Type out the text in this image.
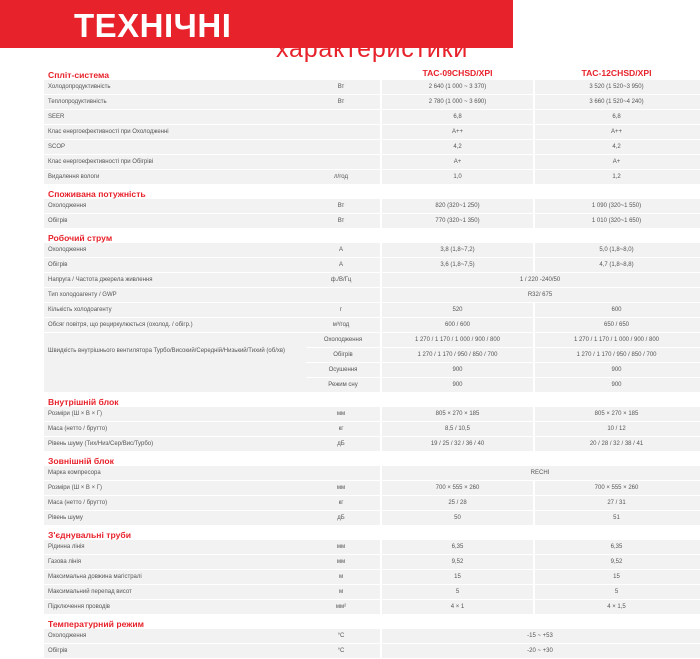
ТЕХНІЧНІ
характеристики
Спліт-система	TAC-09CHSD/XPI	TAC-12CHSD/XPI
Холодопродуктивність	Вт	2 640 (1 000 ~ 3 370)	3 520 (1 520~3 950)
Теплопродуктивність	Вт	2 780 (1 000 ~ 3 690)	3 660 (1 520~4 240)
SEER	6,8	6,8
Клас енергоефективності при Охолодженні	А++	А++
SCOP	4,2	4,2
Клас енергоефективності при Обігріві	А+	А+
Видалення вологи	л/год	1,0	1,2
Споживана потужність
Охолодження	Вт	820 (320~1 250)	1 090 (320~1 550)
Обігрів	Вт	770 (320~1 350)	1 010 (320~1 650)
Робочий струм
Охолодження	А	3,8 (1,8~7,2)	5,0 (1,8~8,0)
Обігрів	А	3,6 (1,8~7,5)	4,7 (1,8~8,8)
Напруга / Частота джерела живлення	ф./В/Гц	1 / 220 -240/50
Тип холодоагенту / GWP	R32/ 675
Кількість холодоагенту	г	520	600
Обсяг повітря, що рециркулюється (охолод. / обігр.)	м³/год	600 / 600	650 / 650
Швидкість внутрішнього вентилятора Турбо/Високий/Середній/Низький/Тихий (об/хв)
Охолодження	1 270 / 1 170 / 1 000 / 900 / 800	1 270 / 1 170 / 1 000 / 900 / 800
Обігрів	1 270 / 1 170 / 950 / 850 / 700	1 270 / 1 170 / 950 / 850 / 700
Осушення	900	900
Режим сну	900	900
Внутрішній блок
Розміри (Ш × В × Г)	мм	805 × 270 × 185	805 × 270 × 185
Маса (нетто / брутто)	кг	8,5 / 10,5	10 / 12
Рівень шуму (Тих/Низ/Сер/Вис/Турбо)	дБ	19 / 25 / 32 / 36 / 40	20 / 28 / 32 / 38 / 41
Зовнішній блок
Марка компресора	RECHI
Розміри (Ш × В × Г)	мм	700 × 555 × 260	700 × 555 × 260
Маса (нетто / брутто)	кг	25 / 28	27 / 31
Рівень шуму	дБ	50	51
З'єднувальні труби
Рідинна лінія	мм	6,35	6,35
Газова лінія	мм	9,52	9,52
Максимальна довжина магістралі	м	15	15
Максимальний перепад висот	м	5	5
Підключення проводів	мм²	4 × 1	4 × 1,5
Температурний режим
Охолодження	°C	-15 ~ +53
Обігрів	°C	-20 ~ +30
